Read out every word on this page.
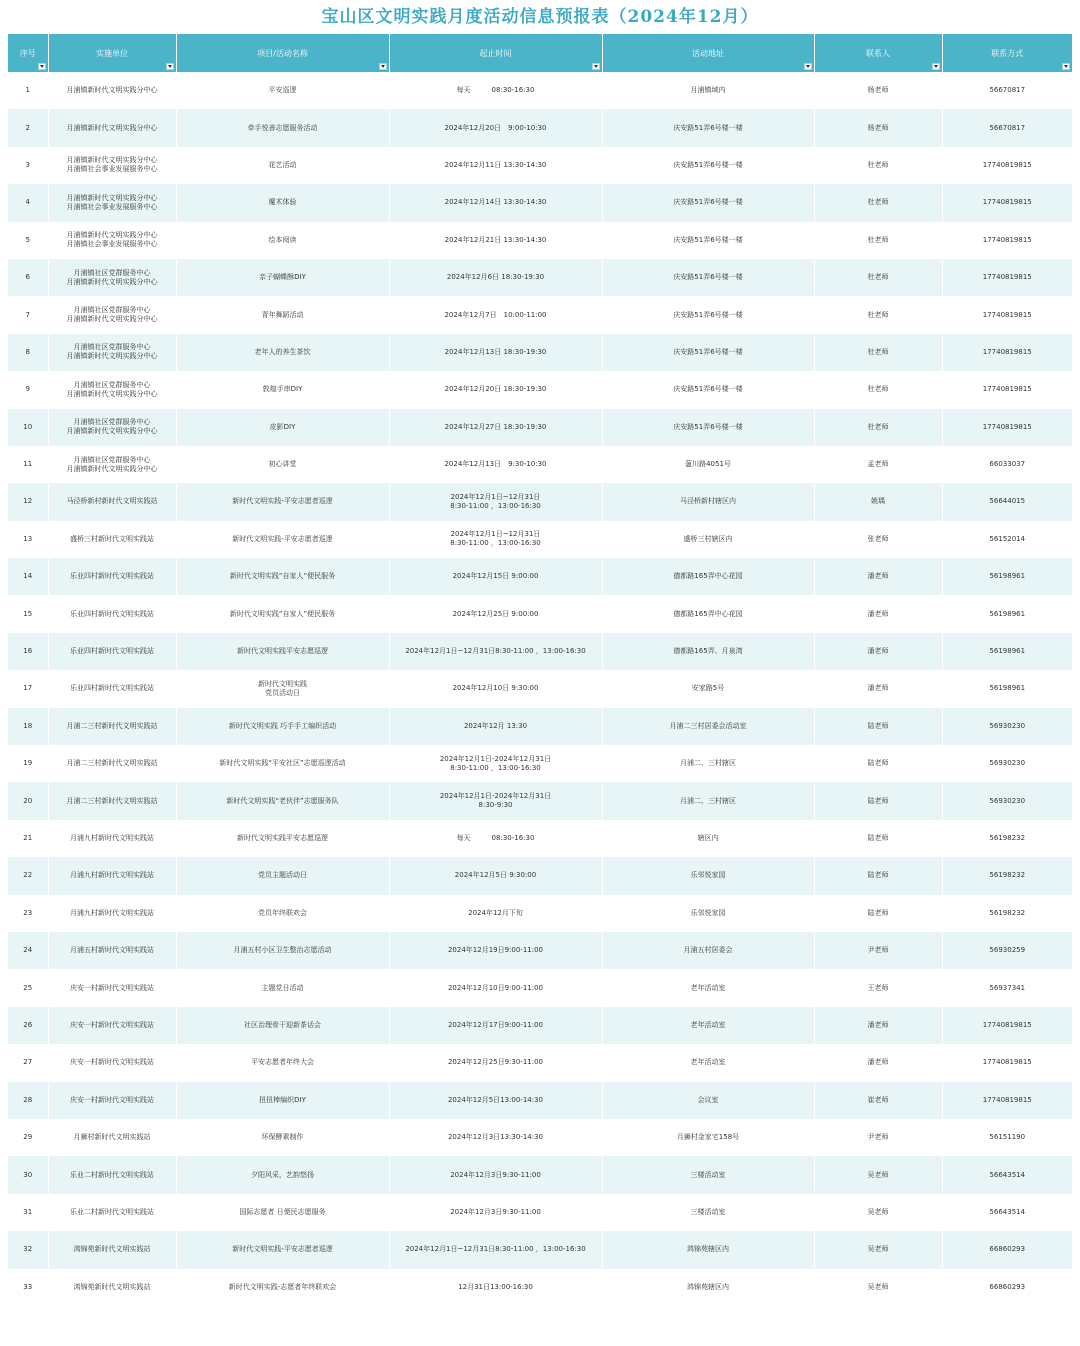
宝山区文明实践月度活动信息预报表（2024年12月）
序号	实施单位	项目/活动名称	起止时间	活动地址	联系人	联系方式

1	月浦镇新时代文明实践分中心	平安巡逻	每天　　　08:30-16:30	月浦镇域内	杨老师	56670817
2	月浦镇新时代文明实践分中心	牵手悦善志愿服务活动	2024年12月20日　9:00-10:30	庆安路51弄6号楼一楼	杨老师	56670817
3	月浦镇新时代文明实践分中心
月浦镇社会事业发展服务中心	花艺活动	2024年12月11日 13:30-14:30	庆安路51弄6号楼一楼	杜老师	17740819815
4	月浦镇新时代文明实践分中心
月浦镇社会事业发展服务中心	魔术体验	2024年12月14日 13:30-14:30	庆安路51弄6号楼一楼	杜老师	17740819815
5	月浦镇新时代文明实践分中心
月浦镇社会事业发展服务中心	绘本阅读	2024年12月21日 13:30-14:30	庆安路51弄6号楼一楼	杜老师	17740819815
6	月浦镇社区党群服务中心
月浦镇新时代文明实践分中心	亲子蝴蝶酥DIY	2024年12月6日 18:30-19:30	庆安路51弄6号楼一楼	杜老师	17740819815
7	月浦镇社区党群服务中心
月浦镇新时代文明实践分中心	青年舞蹈活动	2024年12月7日　10:00-11:00	庆安路51弄6号楼一楼	杜老师	17740819815
8	月浦镇社区党群服务中心
月浦镇新时代文明实践分中心	老年人的养生茶饮	2024年12月13日 18:30-19:30	庆安路51弄6号楼一楼	杜老师	17740819815
9	月浦镇社区党群服务中心
月浦镇新时代文明实践分中心	敦煌手串DIY	2024年12月20日 18:30-19:30	庆安路51弄6号楼一楼	杜老师	17740819815
10	月浦镇社区党群服务中心
月浦镇新时代文明实践分中心	皮影DIY	2024年12月27日 18:30-19:30	庆安路51弄6号楼一楼	杜老师	17740819815
11	月浦镇社区党群服务中心
月浦镇新时代文明实践分中心	初心讲堂	2024年12月13日　9:30-10:30	蕰川路4051号	孟老师	66033037
12	马泾桥新村新时代文明实践站	新时代文明实践-平安志愿者巡逻	2024年12月1日~12月31日
8:30-11:00 ，13:00-16:30	马泾桥新村辖区内	姚瑀	56644015
13	盛桥三村新时代文明实践站	新时代文明实践-平安志愿者巡逻	2024年12月1日~12月31日
8:30-11:00 ，13:00-16:30	盛桥三村辖区内	张老师	56152014
14	乐业四村新时代文明实践站	新时代文明实践“自家人”便民服务	2024年12月15日 9:00:00	德都路165弄中心花园	潘老师	56198961
15	乐业四村新时代文明实践站	新时代文明实践“自家人”便民服务	2024年12月25日 9:00:00	德都路165弄中心花园	潘老师	56198961
16	乐业四村新时代文明实践站	新时代文明实践平安志愿巡逻	2024年12月1日~12月31日8:30-11:00 ，13:00-16:30	德都路165弄、月泉湾	潘老师	56198961
17	乐业四村新时代文明实践站	新时代文明实践
党员活动日	2024年12月10日 9:30:00	安家路5号	潘老师	56198961
18	月浦二三村新时代文明实践站	新时代文明实践 巧手手工编织活动	2024年12月 13:30	月浦二三村居委会活动室	陆老师	56930230
19	月浦二三村新时代文明实践站	新时代文明实践“平安社区”志愿巡逻活动	2024年12月1日-2024年12月31日
8:30-11:00 ，13:00-16:30	月浦二、三村辖区	陆老师	56930230
20	月浦二三村新时代文明实践站	新时代文明实践“老伙伴”志愿服务队	2024年12月1日-2024年12月31日
8:30-9:30	月浦二、三村辖区	陆老师	56930230
21	月浦九村新时代文明实践站	新时代文明实践平安志愿巡逻	每天　　　08:30-16:30	辖区内	陆老师	56198232
22	月浦九村新时代文明实践站	党员主题活动日	2024年12月5日 9:30:00	乐邻悦家园	陆老师	56198232
23	月浦九村新时代文明实践站	党员年终联欢会	2024年12月下旬	乐邻悦家园	陆老师	56198232
24	月浦五村新时代文明实践站	月浦五村小区卫生整治志愿活动	2024年12月19日9:00-11:00	月浦五村居委会	尹老师	56930259
25	庆安一村新时代文明实践站	主题党日活动	2024年12月10日9:00-11:00	老年活动室	王老师	56937341
26	庆安一村新时代文明实践站	社区治理骨干迎新茶话会	2024年12月17日9:00-11:00	老年活动室	潘老师	17740819815
27	庆安一村新时代文明实践站	平安志愿者年终大会	2024年12月25日9:30-11:00	老年活动室	潘老师	17740819815
28	庆安一村新时代文明实践站	扭扭棒编织DIY	2024年12月5日13:00-14:30	会议室	崔老师	17740819815
29	月狮村新时代文明实践站	环保酵素制作	2024年12月3日13:30-14:30	月狮村金家宅158号	尹老师	56151190
30	乐业二村新时代文明实践站	夕阳风采，艺韵悠扬	2024年12月3日9:30-11:00	三楼活动室	吴老师	56643514
31	乐业二村新时代文明实践站	国际志愿者 日便民志愿服务	2024年12月3日9:30-11:00	三楼活动室	吴老师	56643514
32	鸿锦苑新时代文明实践站	新时代文明实践-平安志愿者巡逻	2024年12月1日~12月31日8:30-11:00 ，13:00-16:30	鸿锦苑辖区内	吴老师	66860293
33	鸿锦苑新时代文明实践站	新时代文明实践-志愿者年终联欢会	12月31日13:00-16:30	鸿锦苑辖区内	吴老师	66860293
